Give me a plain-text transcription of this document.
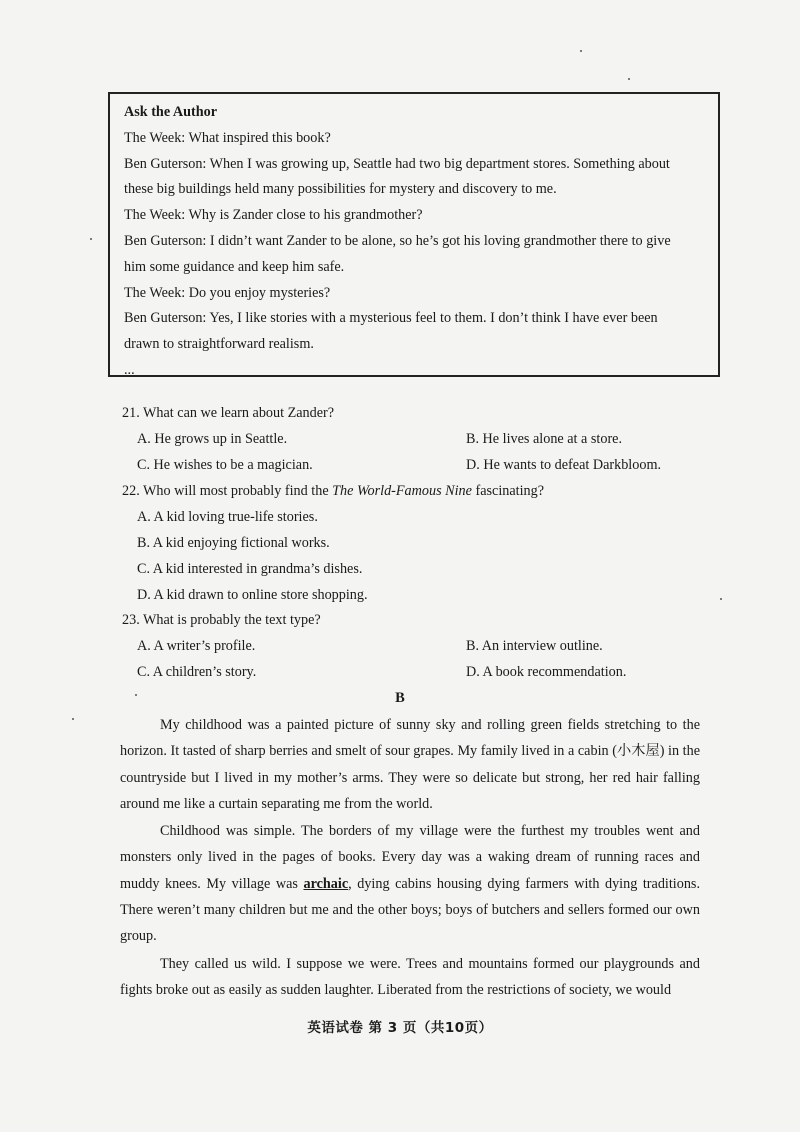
Ask the Author
The Week: What inspired this book?
Ben Guterson: When I was growing up, Seattle had two big department stores. Something about
these big buildings held many possibilities for mystery and discovery to me.
The Week: Why is Zander close to his grandmother?
Ben Guterson: I didn’t want Zander to be alone, so he’s got his loving grandmother there to give
him some guidance and keep him safe.
The Week: Do you enjoy mysteries?
Ben Guterson: Yes, I like stories with a mysterious feel to them. I don’t think I have ever been
drawn to straightforward realism.
...
21. What can we learn about Zander?
A. He grows up in Seattle.	B. He lives alone at a store.
C. He wishes to be a magician.	D. He wants to defeat Darkbloom.
22. Who will most probably find the The World-Famous Nine fascinating?
A. A kid loving true-life stories.
B. A kid enjoying fictional works.
C. A kid interested in grandma’s dishes.
D. A kid drawn to online store shopping.
23. What is probably the text type?
A. A writer’s profile.	B. An interview outline.
C. A children’s story.	D. A book recommendation.
B

My childhood was a painted picture of sunny sky and rolling green fields stretching to the horizon. It tasted of sharp berries and smelt of sour grapes. My family lived in a cabin (小木屋) in the countryside but I lived in my mother’s arms. They were so delicate but strong, her red hair falling around me like a curtain separating me from the world.

Childhood was simple. The borders of my village were the furthest my troubles went and monsters only lived in the pages of books. Every day was a waking dream of running races and muddy knees. My village was archaic, dying cabins housing dying farmers with dying traditions. There weren’t many children but me and the other boys; boys of butchers and sellers formed our own group.

They called us wild. I suppose we were. Trees and mountains formed our playgrounds and fights broke out as easily as sudden laughter. Liberated from the restrictions of society, we would

英语试卷 第 3 页（共10页）
